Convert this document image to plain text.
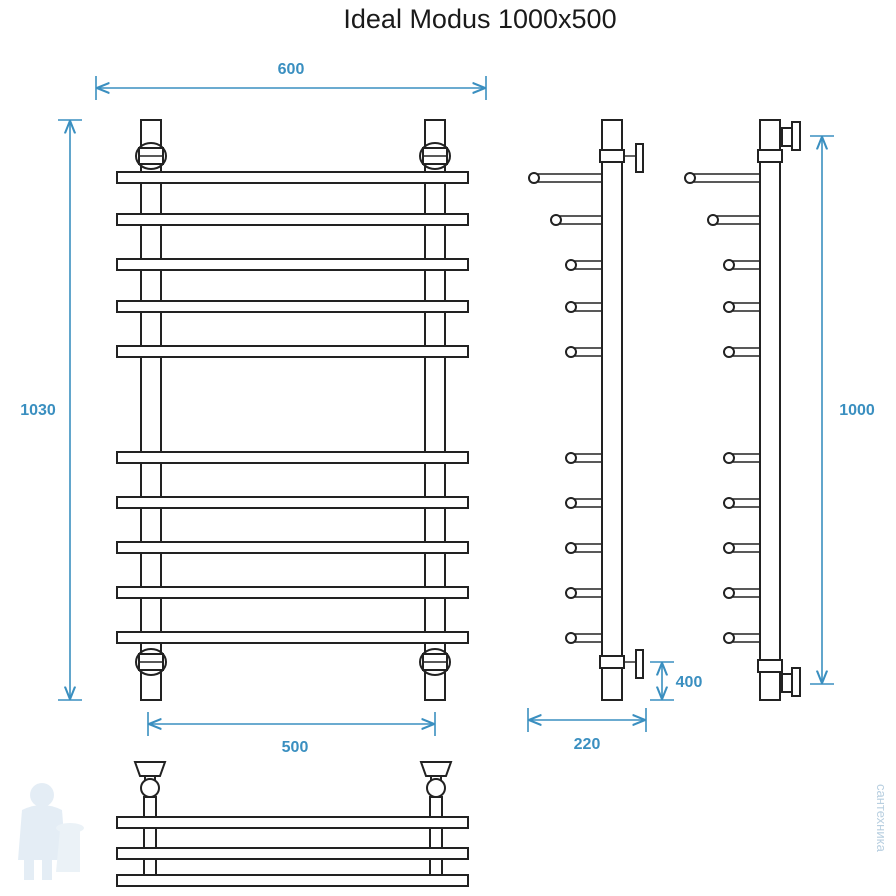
Ideal Modus 1000x500
600
1030
500
400
220
1000
сантехника
